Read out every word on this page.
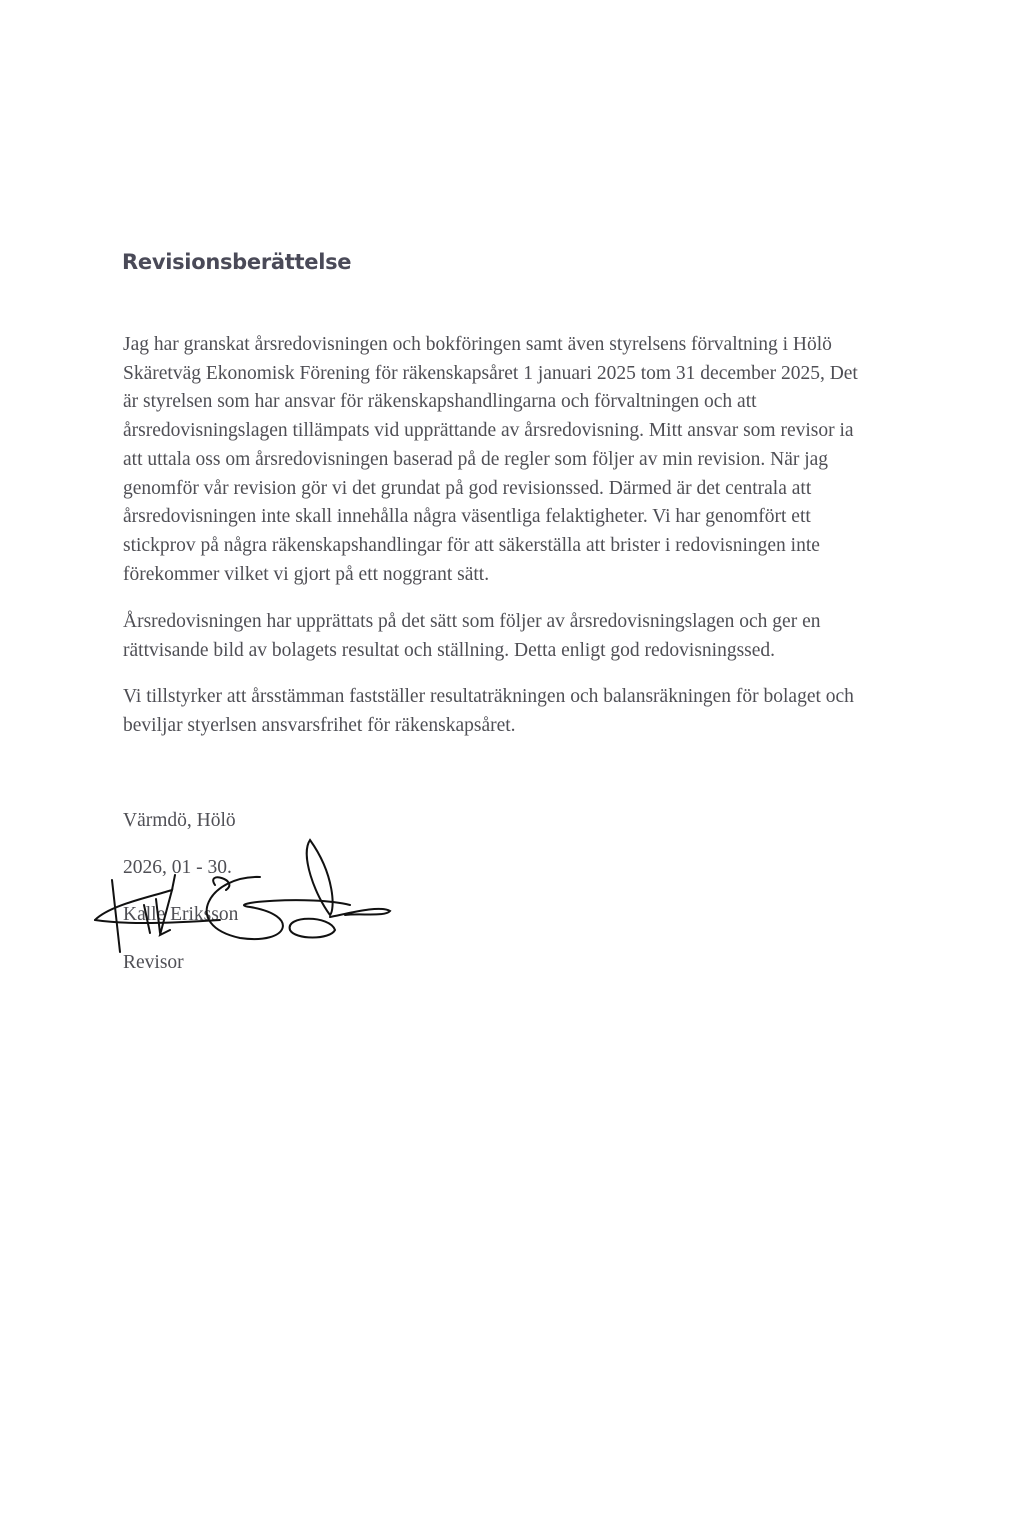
Revisionsberättelse
Jag har granskat årsredovisningen och bokföringen samt även styrelsens förvaltning i Hölö
Skäretväg Ekonomisk Förening för räkenskapsåret 1 januari 2025 tom 31 december 2025, Det
är styrelsen som har ansvar för räkenskapshandlingarna och förvaltningen och att
årsredovisningslagen tillämpats vid upprättande av årsredovisning. Mitt ansvar som revisor ia
att uttala oss om årsredovisningen baserad på de regler som följer av min revision. När jag
genomför vår revision gör vi det grundat på god revisionssed. Därmed är det centrala att
årsredovisningen inte skall innehålla några väsentliga felaktigheter. Vi har genomfört ett
stickprov på några räkenskapshandlingar för att säkerställa att brister i redovisningen inte
förekommer vilket vi gjort på ett noggrant sätt.
Årsredovisningen har upprättats på det sätt som följer av årsredovisningslagen och ger en
rättvisande bild av bolagets resultat och ställning. Detta enligt god redovisningssed.
Vi tillstyrker att årsstämman fastställer resultaträkningen och balansräkningen för bolaget och
beviljar styerlsen ansvarsfrihet för räkenskapsåret.
Värmdö, Hölö
2026, 01 - 30.
Kalle Eriksson
Revisor
